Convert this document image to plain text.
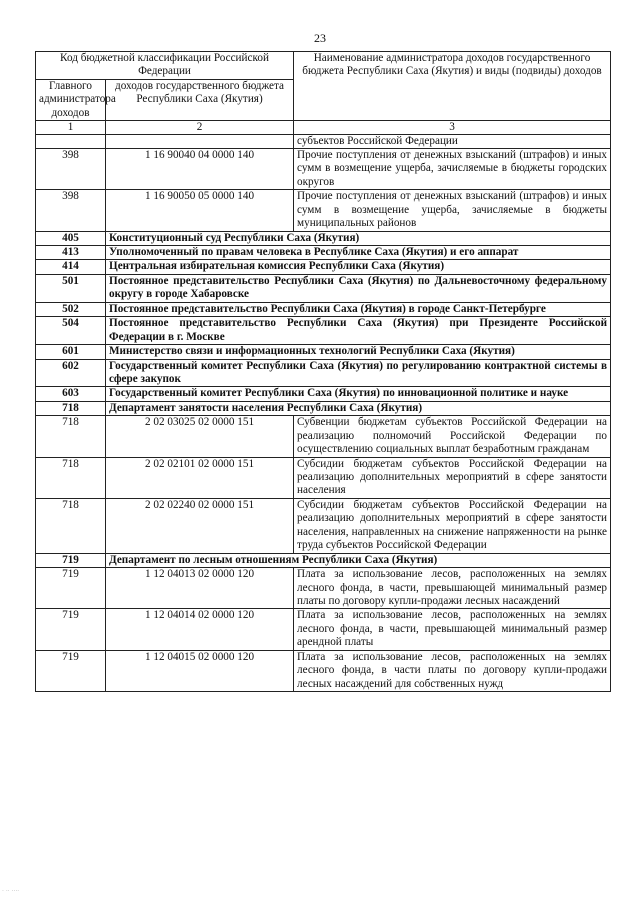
23
Код бюджетной классификации Российской Федерации		Наименование администратора доходов государственного бюджета Республики Саха (Якутия) и виды (подвиды) доходов
Главного администратора доходов	доходов государственного бюджета Республики Саха (Якутия)	
1	2	3
		субъектов Российской Федерации
398	1 16 90040 04 0000 140	Прочие поступления от денежных взысканий (штрафов) и иных сумм в возмещение ущерба, зачисляемые в бюджеты городских округов
398	1 16 90050 05 0000 140	Прочие поступления от денежных взысканий (штрафов) и иных сумм в возмещение ущерба, зачисляемые в бюджеты муниципальных районов
405	Конституционный суд Республики Саха (Якутия)	
413	Уполномоченный по правам человека в Республике Саха (Якутия) и его аппарат	
414	Центральная избирательная комиссия Республики Саха (Якутия)	
501	Постоянное представительство Республики Саха (Якутия) по Дальневосточному федеральному округу в городе Хабаровске	
502	Постоянное представительство Республики Саха (Якутия) в городе Санкт-Петербурге	
504	Постоянное представительство Республики Саха (Якутия) при Президенте Российской Федерации в г. Москве	
601	Министерство связи и информационных технологий Республики Саха (Якутия)	
602	Государственный комитет Республики Саха (Якутия) по регулированию контрактной системы в сфере закупок	
603	Государственный комитет Республики Саха (Якутия) по инновационной политике и науке	
718	Департамент занятости населения Республики Саха (Якутия)	
718	2 02 03025 02 0000 151	Субвенции бюджетам субъектов Российской Федерации на реализацию полномочий Российской Федерации по осуществлению социальных выплат безработным гражданам
718	2 02 02101 02 0000 151	Субсидии бюджетам субъектов Российской Федерации на реализацию дополнительных мероприятий в сфере занятости населения
718	2 02 02240 02 0000 151	Субсидии бюджетам субъектов Российской Федерации на реализацию дополнительных мероприятий в сфере занятости населения, направленных на снижение напряженности на рынке труда субъектов Российской Федерации
719	Департамент по лесным отношениям Республики Саха (Якутия)	
719	1 12 04013 02 0000 120	Плата за использование лесов, расположенных на землях лесного фонда, в части, превышающей минимальный размер платы по договору купли-продажи лесных насаждений
719	1 12 04014 02 0000 120	Плата за использование лесов, расположенных на землях лесного фонда, в части, превышающей минимальный размер арендной платы
719	1 12 04015 02 0000 120	Плата за использование лесов, расположенных на землях лесного фонда, в части платы по договору купли-продажи лесных насаждений для собственных нужд
· ·· ····
